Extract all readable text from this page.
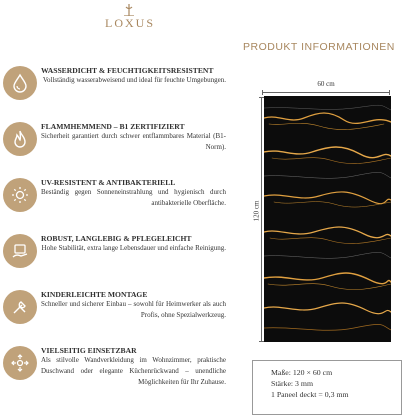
LOXUS
WASSERDICHT & FEUCHTIGKEITSRESISTENT
Vollständig wasserabweisend und ideal für feuchte Umgebungen.
FLAMMHEMMEND – B1 ZERTIFIZIERT
Sicherheit garantiert durch schwer entflammbares Material (B1-Norm).
UV-RESISTENT & ANTIBAKTERIELL
Beständig gegen Sonneneinstrahlung und hygienisch durch antibakterielle Oberfläche.
ROBUST, LANGLEBIG & PFLEGELEICHT
Hohe Stabilität, extra lange Lebensdauer und einfache Reinigung.
KINDERLEICHTE MONTAGE
Schneller und sicherer Einbau – sowohl für Heimwerker als auch Profis, ohne Spezialwerkzeug.
VIELSEITIG EINSETZBAR
Als stilvolle Wandverkleidung im Wohnzimmer, praktische Duschwand oder elegante Küchenrückwand – unendliche Möglichkeiten für Ihr Zuhause.
PRODUKT INFORMATIONEN
60 cm
120 cm
Maße: 120 × 60 cm
Stärke: 3 mm
1 Paneel deckt = 0,3 mm
